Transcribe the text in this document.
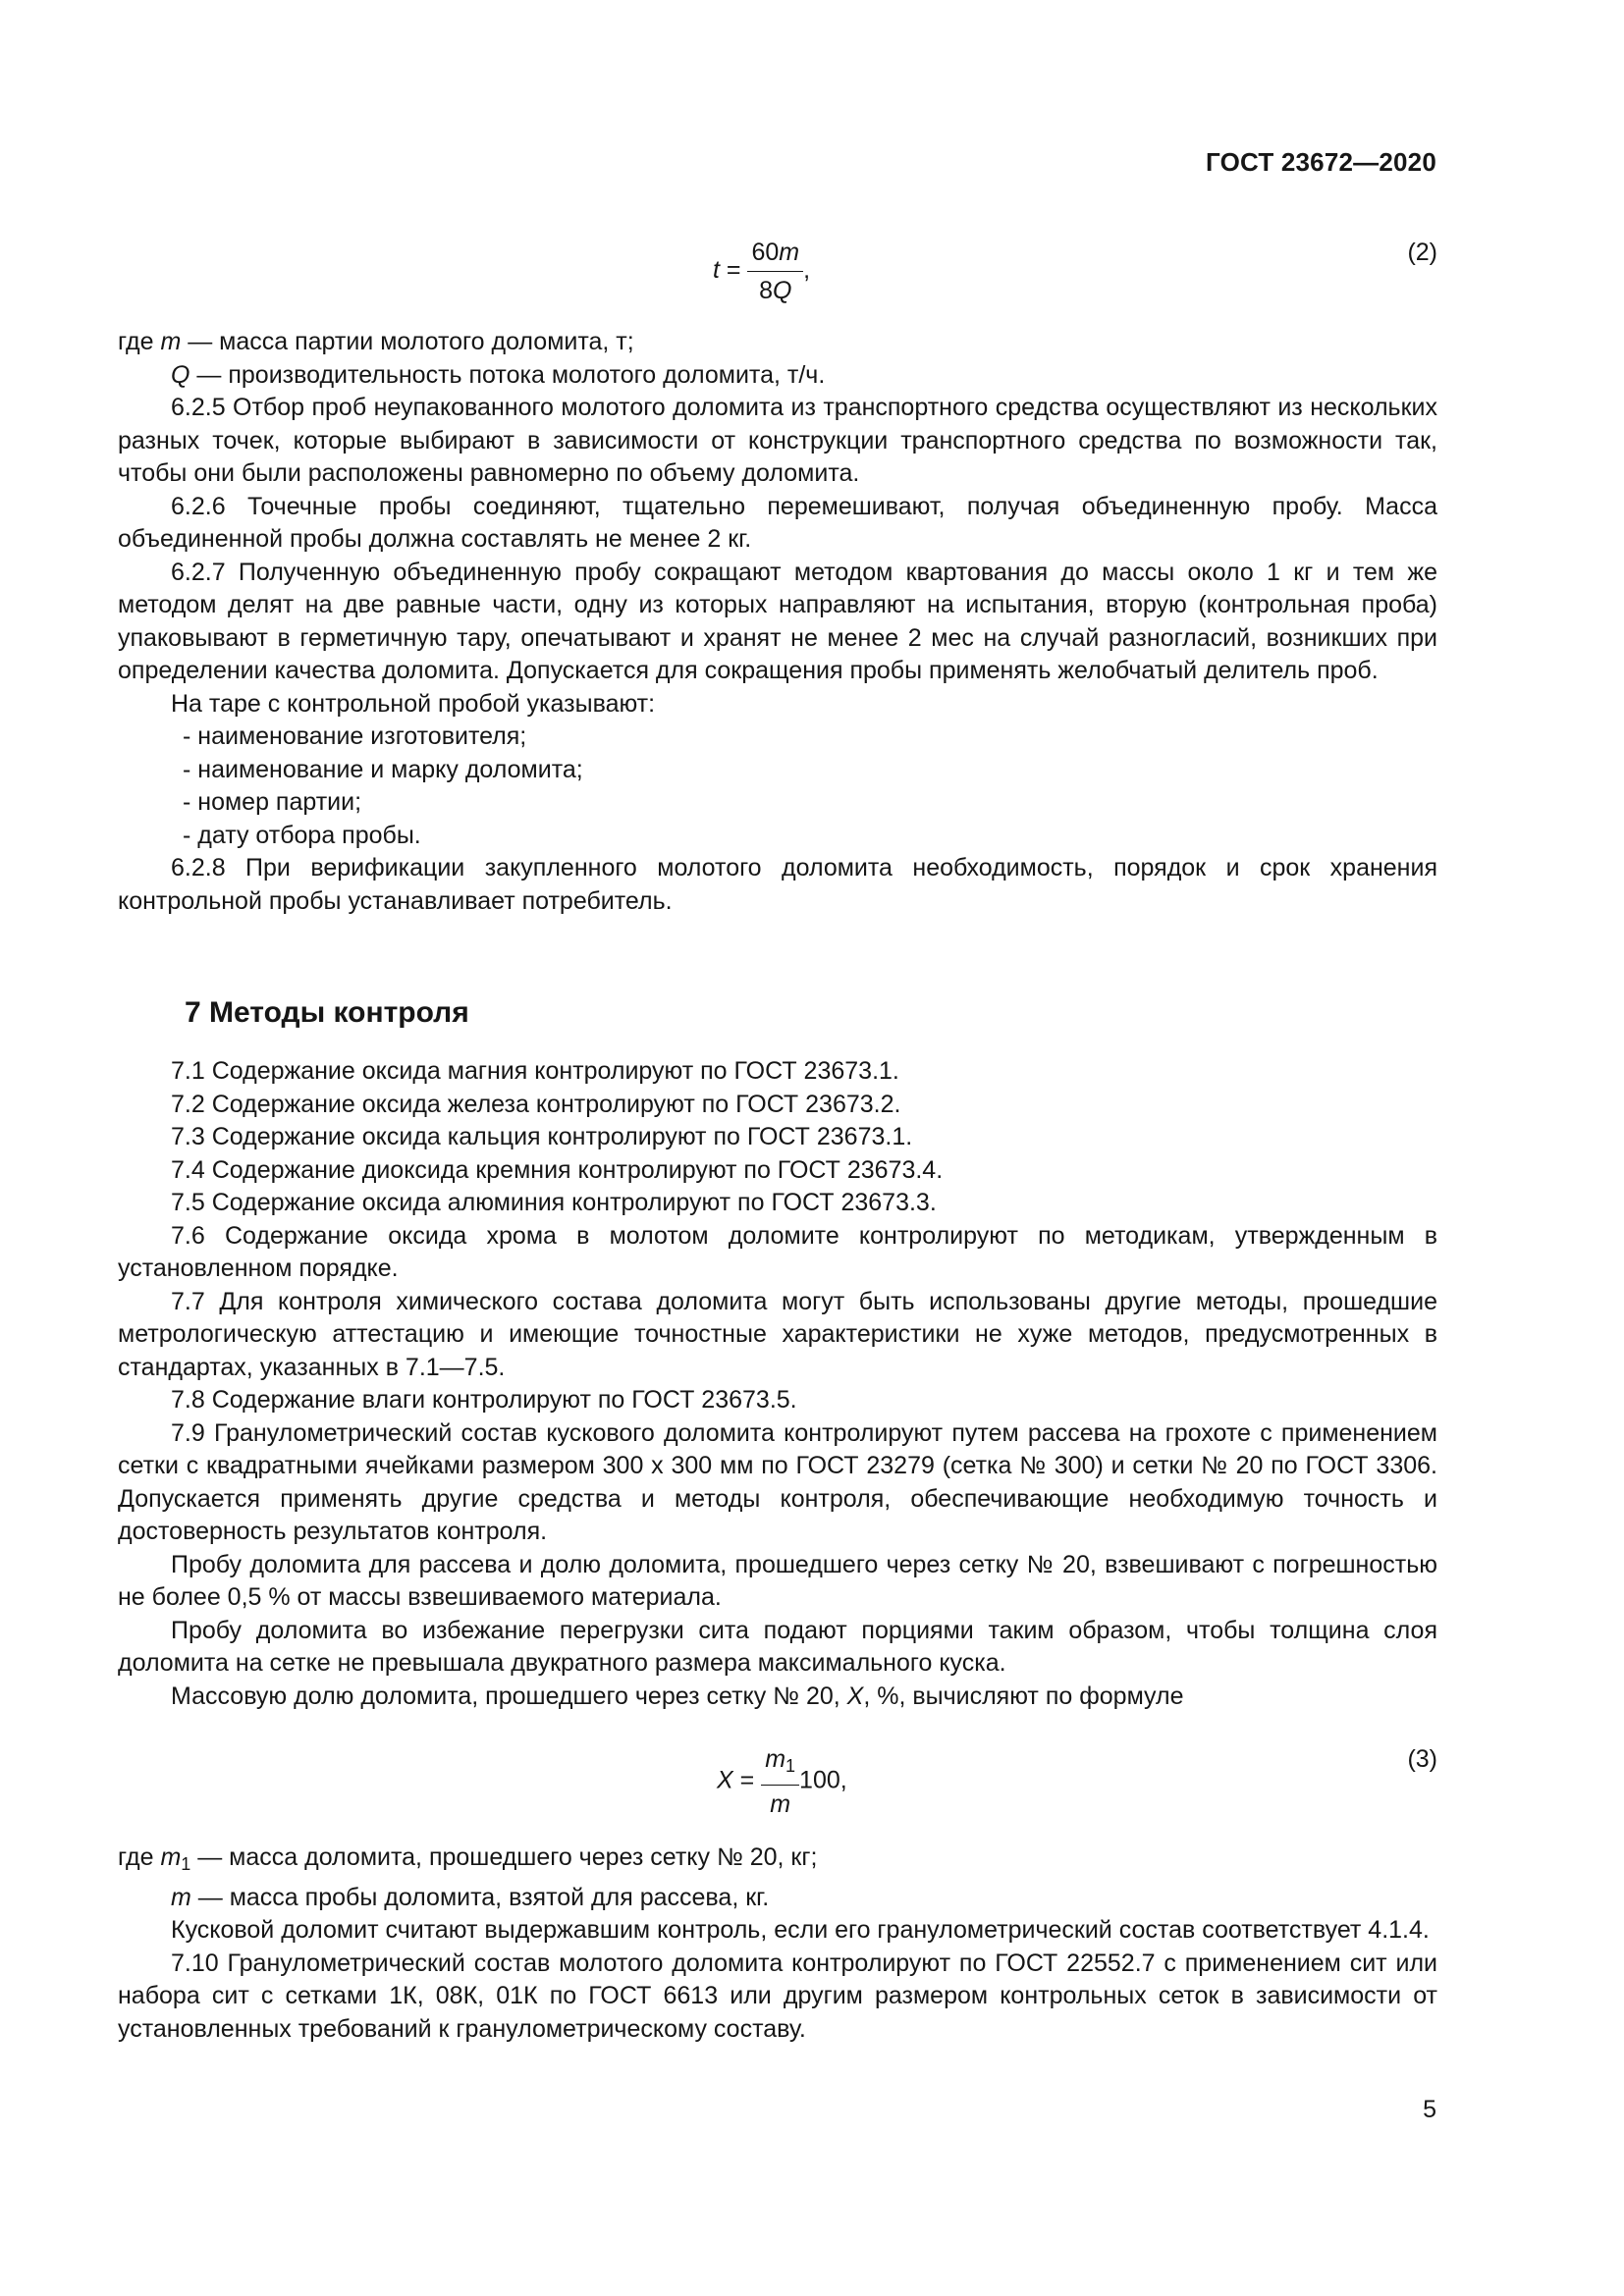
ГОСТ 23672—2020
$t = \frac{60m}{8Q}$ ,
(2)

где m — масса партии молотого доломита, т;

Q — производительность потока молотого доломита, т/ч.

6.2.5 Отбор проб неупакованного молотого доломита из транспортного средства осуществляют из нескольких разных точек, которые выбирают в зависимости от конструкции транспортного средства по возможности так, чтобы они были расположены равномерно по объему доломита.

6.2.6 Точечные пробы соединяют, тщательно перемешивают, получая объединенную пробу. Масса объединенной пробы должна составлять не менее 2 кг.

6.2.7 Полученную объединенную пробу сокращают методом квартования до массы около 1 кг и тем же методом делят на две равные части, одну из которых направляют на испытания, вторую (контрольная проба) упаковывают в герметичную тару, опечатывают и хранят не менее 2 мес на случай разногласий, возникших при определении качества доломита. Допускается для сокращения пробы применять желобчатый делитель проб.

На таре с контрольной пробой указывают:

- наименование изготовителя;

- наименование и марку доломита;

- номер партии;

- дату отбора пробы.

6.2.8 При верификации закупленного молотого доломита необходимость, порядок и срок хранения контрольной пробы устанавливает потребитель.

7 Методы контроля

7.1 Содержание оксида магния контролируют по ГОСТ 23673.1.

7.2 Содержание оксида железа контролируют по ГОСТ 23673.2.

7.3 Содержание оксида кальция контролируют по ГОСТ 23673.1.

7.4 Содержание диоксида кремния контролируют по ГОСТ 23673.4.

7.5 Содержание оксида алюминия контролируют по ГОСТ 23673.3.

7.6 Содержание оксида хрома в молотом доломите контролируют по методикам, утвержденным в установленном порядке.

7.7 Для контроля химического состава доломита могут быть использованы другие методы, прошедшие метрологическую аттестацию и имеющие точностные характеристики не хуже методов, предусмотренных в стандартах, указанных в 7.1—7.5.

7.8 Содержание влаги контролируют по ГОСТ 23673.5.

7.9 Гранулометрический состав кускового доломита контролируют путем рассева на грохоте с применением сетки с квадратными ячейками размером 300 х 300 мм по ГОСТ 23279 (сетка № 300) и сетки № 20 по ГОСТ 3306. Допускается применять другие средства и методы контроля, обеспечивающие необходимую точность и достоверность результатов контроля.

Пробу доломита для рассева и долю доломита, прошедшего через сетку № 20, взвешивают с погрешностью не более 0,5 % от массы взвешиваемого материала.

Пробу доломита во избежание перегрузки сита подают порциями таким образом, чтобы толщина слоя доломита на сетке не превышала двукратного размера максимального куска.

Массовую долю доломита, прошедшего через сетку № 20, X, %, вычисляют по формуле

$X = \frac{m_1}{m} 100$,
(3)

где $m_1$ — масса доломита, прошедшего через сетку № 20, кг;

m — масса пробы доломита, взятой для рассева, кг.

Кусковой доломит считают выдержавшим контроль, если его гранулометрический состав соответствует 4.1.4.

7.10 Гранулометрический состав молотого доломита контролируют по ГОСТ 22552.7 с применением сит или набора сит с сетками 1К, 08К, 01К по ГОСТ 6613 или другим размером контрольных сеток в зависимости от установленных требований к гранулометрическому составу.

5
